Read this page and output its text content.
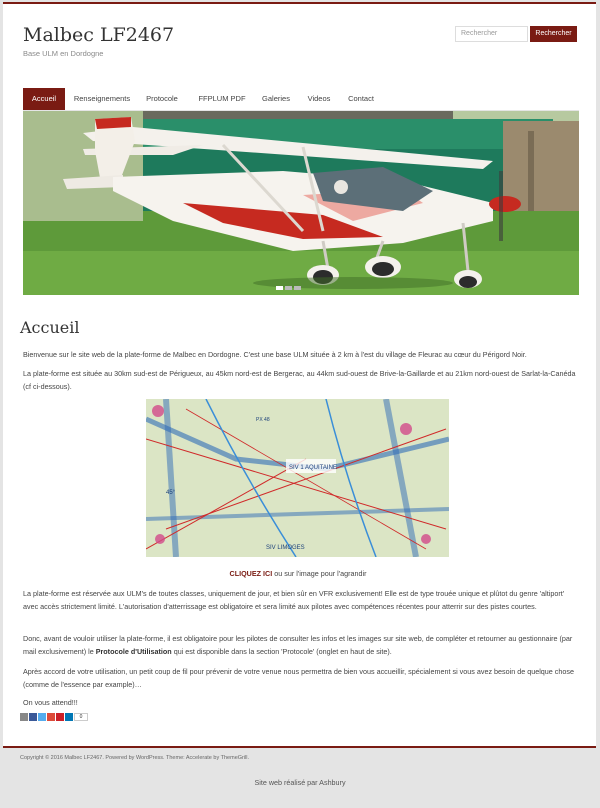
Malbec LF2467
Base ULM en Dordogne
Rechercher	Rechercher
Accueil	Renseignements	Protocole	FFPLUM PDF	Galeries	Videos	Contact
Accueil

Bienvenue sur le site web de la plate-forme de Malbec en Dordogne. C'est une base ULM située à 2 km à l'est du village de Fleurac au cœur du Périgord Noir.

La plate-forme est située au 30km sud-est de Périgueux, au 45km nord-est de Bergerac, au 44km sud-ouest de Brive-la-Gaillarde et au 21km nord-ouest de Sarlat-la-Canéda (cf ci-dessous).

SIV 1 AQUITAINE
45°
SIV LIMOGES
PX 48
CLIQUEZ ICI ou sur l'image pour l'agrandir

La plate-forme est réservée aux ULM's de toutes classes, uniquement de jour, et bien sûr en VFR exclusivement! Elle est de type trouée unique et plûtot du genre 'altiport' avec accès strictement limité. L'autorisation d'atterrissage est obligatoire et sera limité aux pilotes avec compétences récentes pour atterrir sur des pistes courtes.

Donc, avant de vouloir utiliser la plate-forme, il est obligatoire pour les pilotes de consulter les infos et les images sur site web, de compléter et retourner au gestionnaire (par mail exclusivement) le Protocole d'Utilisation qui est disponible dans la section 'Protocole' (onglet en haut de site).

Après accord de votre utilisation, un petit coup de fil pour prévenir de votre venue nous permettra de bien vous accueillir, spécialement si vous avez besoin de quelque chose (comme de l'essence par example)…

On vous attend!!!

0
Copyright © 2016 Malbec LF2467. Powered by WordPress. Theme: Accelerate by ThemeGrill.
Site web réalisé par Ashbury
